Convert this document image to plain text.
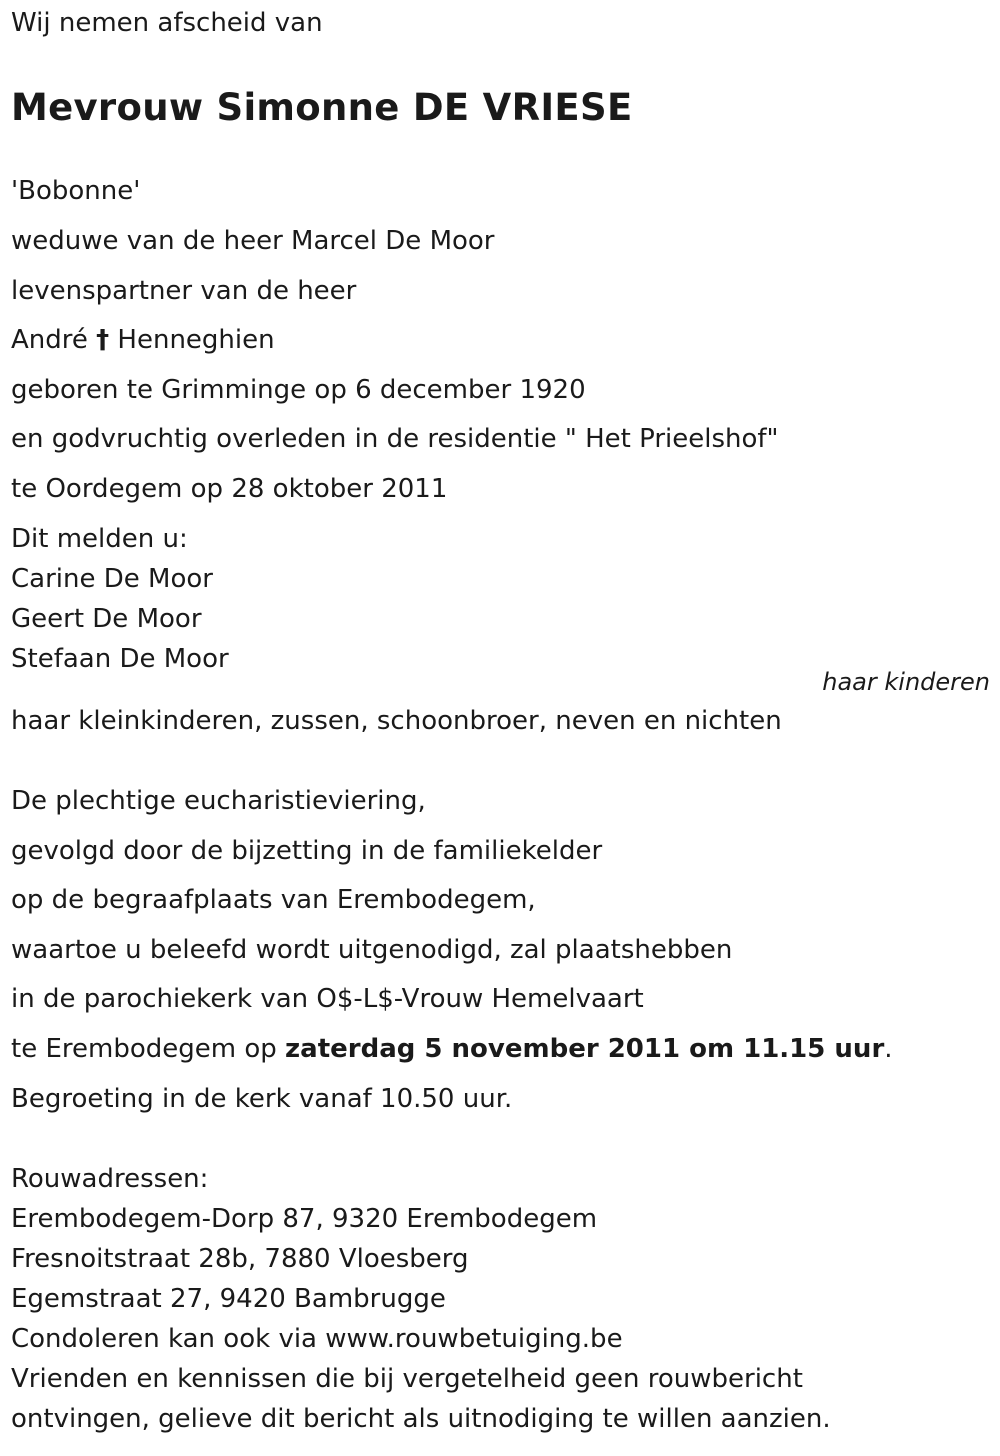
Wij nemen afscheid van

Mevrouw Simonne DE VRIESE

'Bobonne'

weduwe van de heer Marcel De Moor

levenspartner van de heer

André † Henneghien

geboren te Grimminge op 6 december 1920

en godvruchtig overleden in de residentie " Het Prieelshof"

te Oordegem op 28 oktober 2011

Dit melden u:

Carine De Moor

Geert De Moor

Stefaan De Moor

haar kinderen

haar kleinkinderen, zussen, schoonbroer, neven en nichten

De plechtige eucharistieviering,

gevolgd door de bijzetting in de familiekelder

op de begraafplaats van Erembodegem,

waartoe u beleefd wordt uitgenodigd, zal plaatshebben

in de parochiekerk van O$-L$-Vrouw Hemelvaart

te Erembodegem op zaterdag 5 november 2011 om 11.15 uur.

Begroeting in de kerk vanaf 10.50 uur.

Rouwadressen:

Erembodegem-Dorp 87, 9320 Erembodegem

Fresnoitstraat 28b, 7880 Vloesberg

Egemstraat 27, 9420 Bambrugge

Condoleren kan ook via www.rouwbetuiging.be

Vrienden en kennissen die bij vergetelheid geen rouwbericht

ontvingen, gelieve dit bericht als uitnodiging te willen aanzien.
